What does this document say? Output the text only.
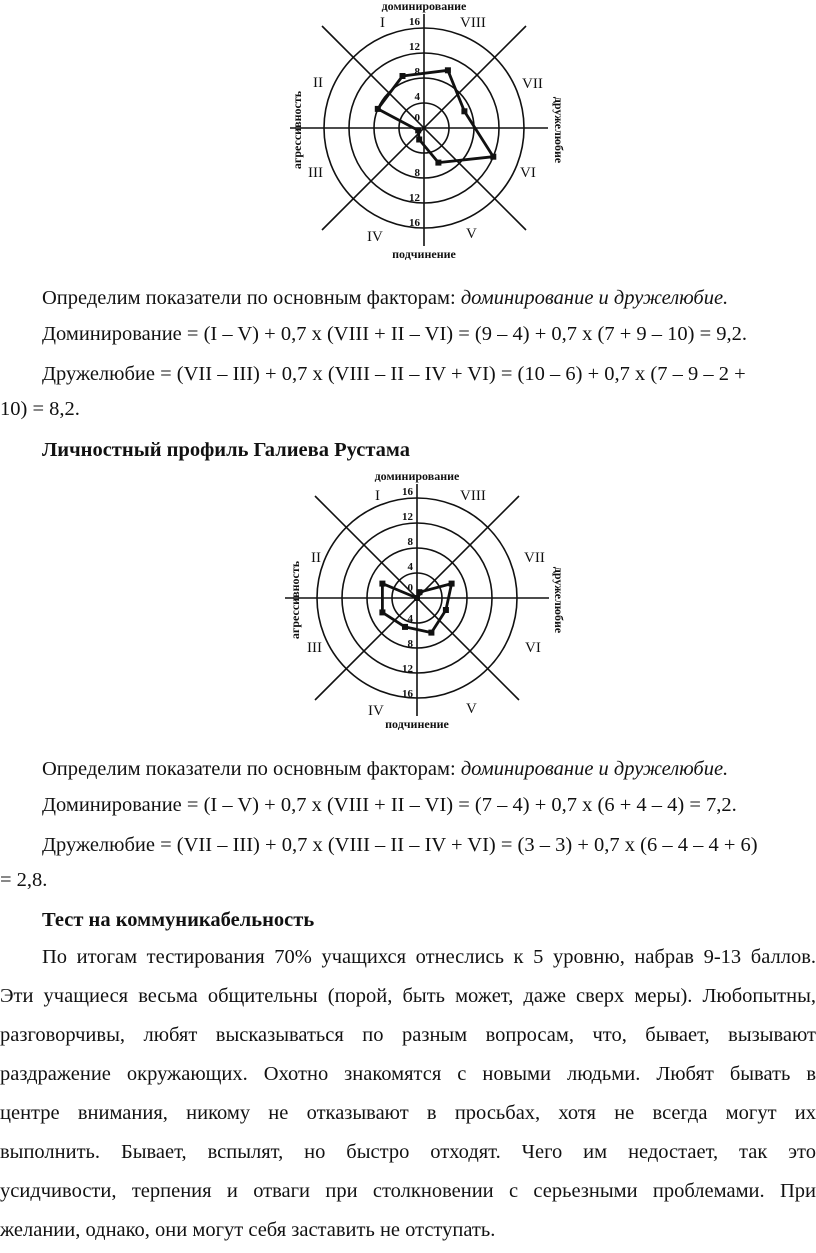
доминирование
подчинение
агрессивность	дружелюбие
I
II
III
IV	V
VI
VII
VIII
0
4
8
12
16
8
12
16
Определим показатели по основным факторам: доминирование и дружелюбие.
Доминирование = (I – V) + 0,7 х (VIII + II – VI) = (9 – 4) + 0,7 х (7 + 9 – 10) = 9,2.
Дружелюбие = (VII – III) + 0,7 х (VIII – II – IV + VI) = (10 – 6) + 0,7 х (7 – 9 – 2 +
10) = 8,2.
Личностный профиль Галиева Рустама
доминирование
подчинение
агрессивность	дружелюбие
I
II
III
IV	V
VI
VII
VIII
0
4
8
12
16
4
8
12
16
Определим показатели по основным факторам: доминирование и дружелюбие.
Доминирование = (I – V) + 0,7 х (VIII + II – VI) = (7 – 4) + 0,7 х (6 + 4 – 4) = 7,2.
Дружелюбие = (VII – III) + 0,7 х (VIII – II – IV + VI) = (3 – 3) + 0,7 х (6 – 4 – 4 + 6)
= 2,8.
Тест на коммуникабельность
По итогам тестирования 70% учащихся отнеслись к 5 уровню, набрав 9-13 баллов.
Эти учащиеся весьма общительны (порой, быть может, даже сверх меры). Любопытны,
разговорчивы, любят высказываться по разным вопросам, что, бывает, вызывают
раздражение окружающих. Охотно знакомятся с новыми людьми. Любят бывать в
центре внимания, никому не отказывают в просьбах, хотя не всегда могут их
выполнить. Бывает, вспылят, но быстро отходят. Чего им недостает, так это
усидчивости, терпения и отваги при столкновении с серьезными проблемами. При
желании, однако, они могут себя заставить не отступать.
